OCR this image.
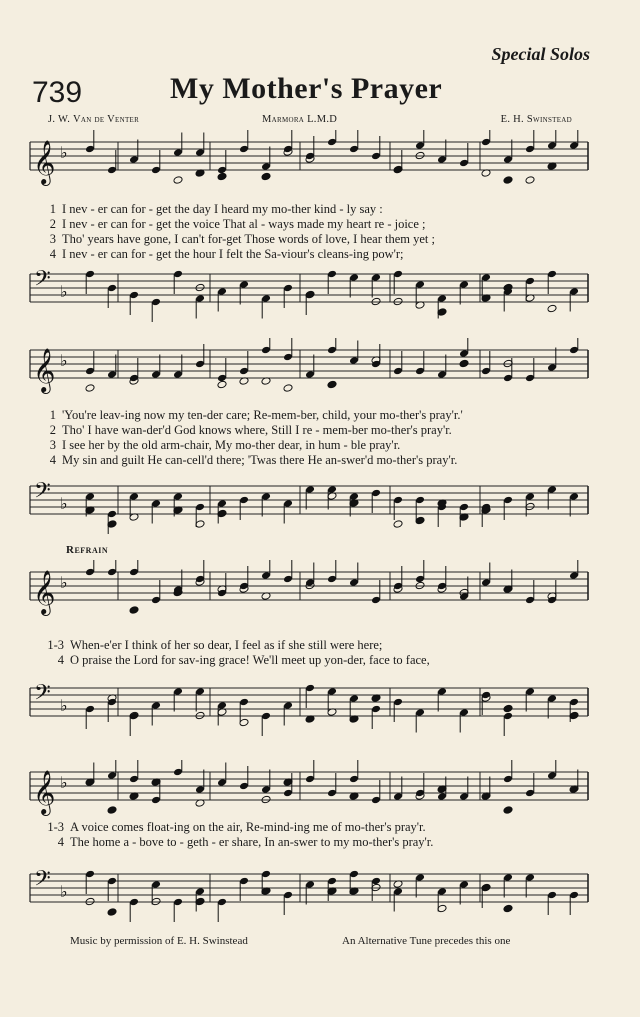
Special Solos
739	My Mother's Prayer
J. W. Van de Venter	Marmora L.M.D	E. H. Swinstead
𝄞 ♭
1 I nev - er can for - get the day I heard my mo-ther kind - ly say :
2 I nev - er can for - get the voice That al - ways made my heart re - joice ;
3 Tho' years have gone, I can't for-get Those words of love, I hear them yet ;
4 I nev - er can for - get the hour I felt the Sa-viour's cleans-ing pow'r;
𝄢 ♭
𝄞 ♭
1 'You're leav-ing now my ten-der care; Re-mem-ber, child, your mo-ther's pray'r.'
2 Tho' I have wan-der'd God knows where, Still I re - mem-ber mo-ther's pray'r.
3 I see her by the old arm-chair, My mo-ther dear, in hum - ble pray'r.
4 My sin and guilt He can-cell'd there; 'Twas there He an-swer'd mo-ther's pray'r.
𝄢 ♭
Refrain
𝄞 ♭
1-3 When-e'er I think of her so dear, I feel as if she still were here;
4 O praise the Lord for sav-ing grace! We'll meet up yon-der, face to face,
𝄢 ♭
𝄞 ♭
1-3 A voice comes float-ing on the air, Re-mind-ing me of mo-ther's pray'r.
4 The home a - bove to - geth - er share, In an-swer to my mo-ther's pray'r.
𝄢 ♭
Music by permission of E. H. Swinstead	An Alternative Tune precedes this one
